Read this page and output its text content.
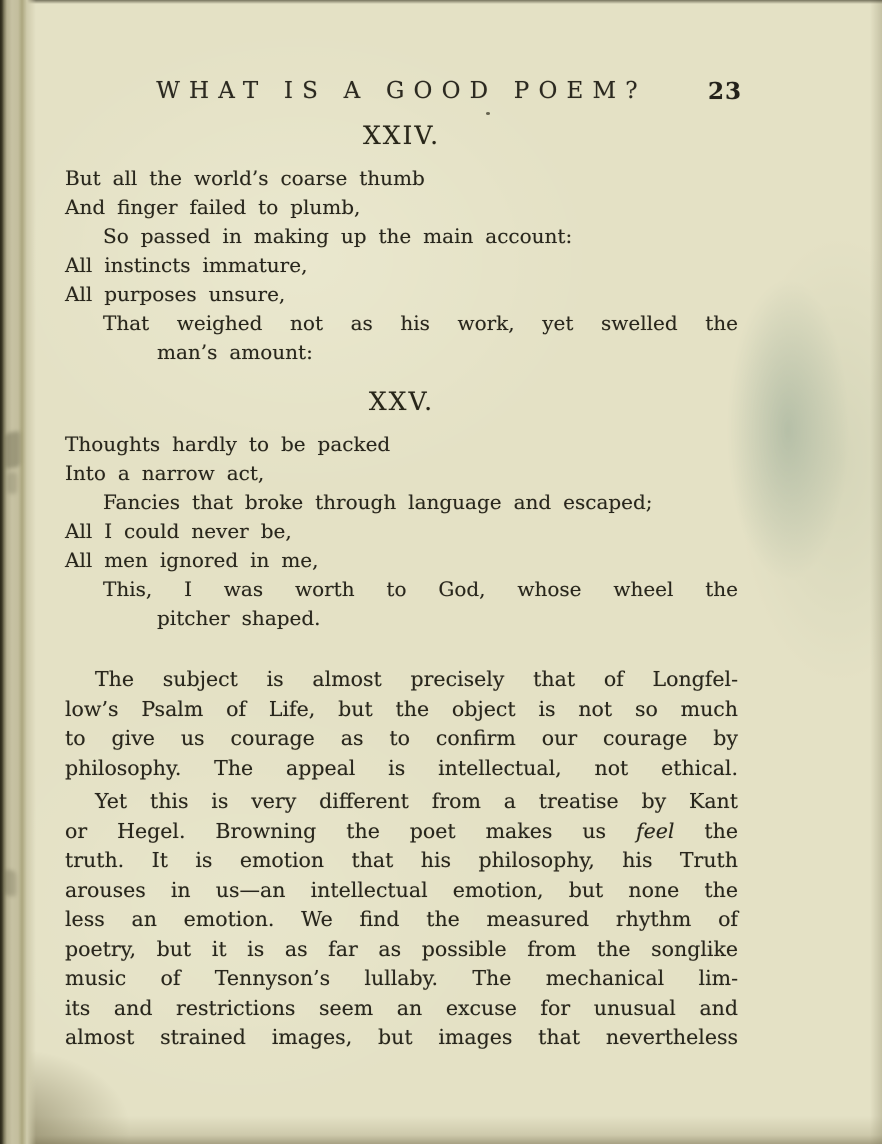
WHAT IS A GOOD POEM?	23
XXIV.
But all the world’s coarse thumb
And finger failed to plumb,
So passed in making up the main account:
All instincts immature,
All purposes unsure,
That weighed not as his work, yet swelled the
man’s amount:
XXV.
Thoughts hardly to be packed
Into a narrow act,
Fancies that broke through language and escaped;
All I could never be,
All men ignored in me,
This, I was worth to God, whose wheel the
pitcher shaped.
The subject is almost precisely that of Longfel-
low’s Psalm of Life, but the object is not so much
to give us courage as to confirm our courage by
philosophy. The appeal is intellectual, not ethical.
Yet this is very different from a treatise by Kant
or Hegel. Browning the poet makes us feel the
truth. It is emotion that his philosophy, his Truth
arouses in us—an intellectual emotion, but none the
less an emotion. We find the measured rhythm of
poetry, but it is as far as possible from the songlike
music of Tennyson’s lullaby. The mechanical lim-
its and restrictions seem an excuse for unusual and
almost strained images, but images that nevertheless
